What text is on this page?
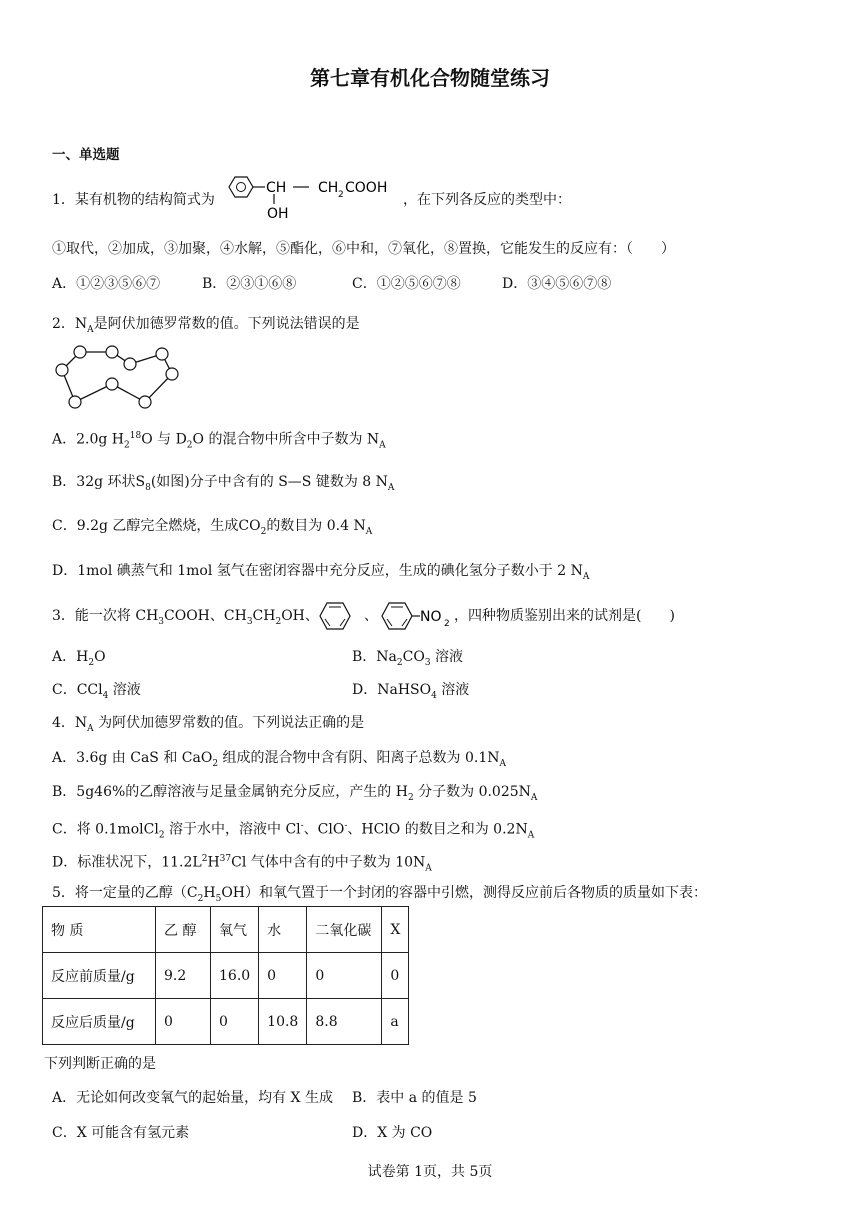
第七章有机化合物随堂练习
一、单选题
1．某有机物的结构简式为
CH
OH
CH 2 COOH
，在下列各反应的类型中：
①取代，②加成，③加聚，④水解，⑤酯化，⑥中和，⑦氧化，⑧置换，它能发生的反应有：（　　）
A．①②③⑤⑥⑦	B．②③①⑥⑧	C．①②⑤⑥⑦⑧	D．③④⑤⑥⑦⑧
2．$N_A$是阿伏加德罗常数的值。下列说法错误的是
A．2.0g $H_2^{18}O$ 与 $D_2O$ 的混合物中所含中子数为 $N_A$
B．32g 环状$S_8$(如图)分子中含有的 S—S 键数为 8 $N_A$
C．9.2g 乙醇完全燃烧，生成$CO_2$的数目为 0.4 $N_A$
D．1mol 碘蒸气和 1mol 氢气在密闭容器中充分反应，生成的碘化氢分子数小于 2 $N_A$
3．能一次将 $CH_3COOH$、$CH_3CH_2OH$、	、	NO 2 ，四种物质鉴别出来的试剂是(　　)
A．$H_2O$	B．$Na_2CO_3$ 溶液
C．CCl$_4$ 溶液	D．NaHSO$_4$ 溶液
4．$N_A$ 为阿伏加德罗常数的值。下列说法正确的是
A．3.6g 由 CaS 和 CaO$_2$ 组成的混合物中含有阴、阳离子总数为 $0.1N_A$
B．5g46%的乙醇溶液与足量金属钠充分反应，产生的 $H_2$ 分子数为 $0.025N_A$
C．将 0.1molCl$_2$ 溶于水中，溶液中 Cl-、ClO-、HClO 的数目之和为 $0.2N_A$
D．标准状况下，$11.2L^2H^{37}Cl$ 气体中含有的中子数为 $10N_A$
5．将一定量的乙醇$(C_2H_5OH)$和氧气置于一个封闭的容器中引燃，测得反应前后各物质的质量如下表：
物 质	乙 醇	氧气	水	二氧化碳	X
反应前质量/g	9.2	16.0	0	0	0
反应后质量/g	0	0	10.8	8.8	a
下列判断正确的是
A．无论如何改变氧气的起始量，均有 X 生成 B．表中 a 的值是 5
C．X 可能含有氢元素	D．X 为 CO
试卷第 1页，共 5页
